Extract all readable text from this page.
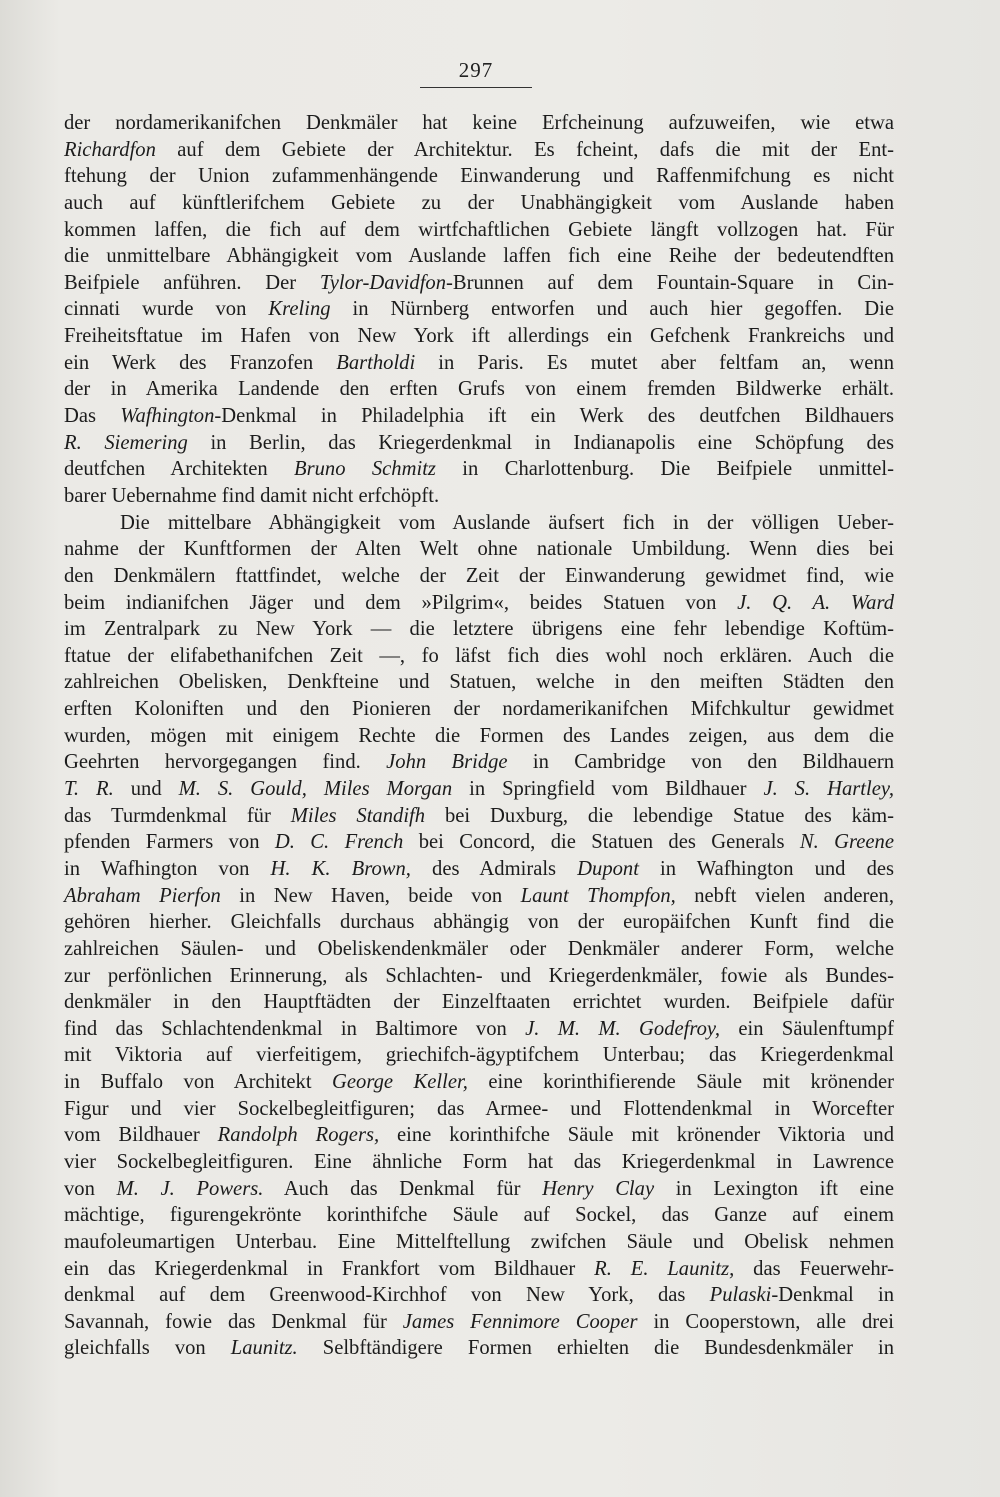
297
der nordamerikanifchen Denkmäler hat keine Erfcheinung aufzuweifen, wie etwa
Richardfon auf dem Gebiete der Architektur. Es fcheint, dafs die mit der Ent-
ftehung der Union zufammenhängende Einwanderung und Raffenmifchung es nicht
auch auf künftlerifchem Gebiete zu der Unabhängigkeit vom Auslande haben
kommen laffen, die fich auf dem wirtfchaftlichen Gebiete längft vollzogen hat. Für
die unmittelbare Abhängigkeit vom Auslande laffen fich eine Reihe der bedeutendften
Beifpiele anführen. Der Tylor-Davidfon-Brunnen auf dem Fountain-Square in Cin-
cinnati wurde von Kreling in Nürnberg entworfen und auch hier gegoffen. Die
Freiheitsftatue im Hafen von New York ift allerdings ein Gefchenk Frankreichs und
ein Werk des Franzofen Bartholdi in Paris. Es mutet aber feltfam an, wenn
der in Amerika Landende den erften Grufs von einem fremden Bildwerke erhält.
Das Wafhington-Denkmal in Philadelphia ift ein Werk des deutfchen Bildhauers
R. Siemering in Berlin, das Kriegerdenkmal in Indianapolis eine Schöpfung des
deutfchen Architekten Bruno Schmitz in Charlottenburg. Die Beifpiele unmittel-
barer Uebernahme find damit nicht erfchöpft.
Die mittelbare Abhängigkeit vom Auslande äufsert fich in der völligen Ueber-
nahme der Kunftformen der Alten Welt ohne nationale Umbildung. Wenn dies bei
den Denkmälern ftattfindet, welche der Zeit der Einwanderung gewidmet find, wie
beim indianifchen Jäger und dem »Pilgrim«, beides Statuen von J. Q. A. Ward
im Zentralpark zu New York — die letztere übrigens eine fehr lebendige Koftüm-
ftatue der elifabethanifchen Zeit —, fo läfst fich dies wohl noch erklären. Auch die
zahlreichen Obelisken, Denkfteine und Statuen, welche in den meiften Städten den
erften Koloniften und den Pionieren der nordamerikanifchen Mifchkultur gewidmet
wurden, mögen mit einigem Rechte die Formen des Landes zeigen, aus dem die
Geehrten hervorgegangen find. John Bridge in Cambridge von den Bildhauern
T. R. und M. S. Gould, Miles Morgan in Springfield vom Bildhauer J. S. Hartley,
das Turmdenkmal für Miles Standifh bei Duxburg, die lebendige Statue des käm-
pfenden Farmers von D. C. French bei Concord, die Statuen des Generals N. Greene
in Wafhington von H. K. Brown, des Admirals Dupont in Wafhington und des
Abraham Pierfon in New Haven, beide von Launt Thompfon, nebft vielen anderen,
gehören hierher. Gleichfalls durchaus abhängig von der europäifchen Kunft find die
zahlreichen Säulen- und Obeliskendenkmäler oder Denkmäler anderer Form, welche
zur perfönlichen Erinnerung, als Schlachten- und Kriegerdenkmäler, fowie als Bundes-
denkmäler in den Hauptftädten der Einzelftaaten errichtet wurden. Beifpiele dafür
find das Schlachtendenkmal in Baltimore von J. M. M. Godefroy, ein Säulenftumpf
mit Viktoria auf vierfeitigem, griechifch-ägyptifchem Unterbau; das Kriegerdenkmal
in Buffalo von Architekt George Keller, eine korinthifierende Säule mit krönender
Figur und vier Sockelbegleitfiguren; das Armee- und Flottendenkmal in Worcefter
vom Bildhauer Randolph Rogers, eine korinthifche Säule mit krönender Viktoria und
vier Sockelbegleitfiguren. Eine ähnliche Form hat das Kriegerdenkmal in Lawrence
von M. J. Powers. Auch das Denkmal für Henry Clay in Lexington ift eine
mächtige, figurengekrönte korinthifche Säule auf Sockel, das Ganze auf einem
maufoleumartigen Unterbau. Eine Mittelftellung zwifchen Säule und Obelisk nehmen
ein das Kriegerdenkmal in Frankfort vom Bildhauer R. E. Launitz, das Feuerwehr-
denkmal auf dem Greenwood-Kirchhof von New York, das Pulaski-Denkmal in
Savannah, fowie das Denkmal für James Fennimore Cooper in Cooperstown, alle drei
gleichfalls von Launitz. Selbftändigere Formen erhielten die Bundesdenkmäler in
